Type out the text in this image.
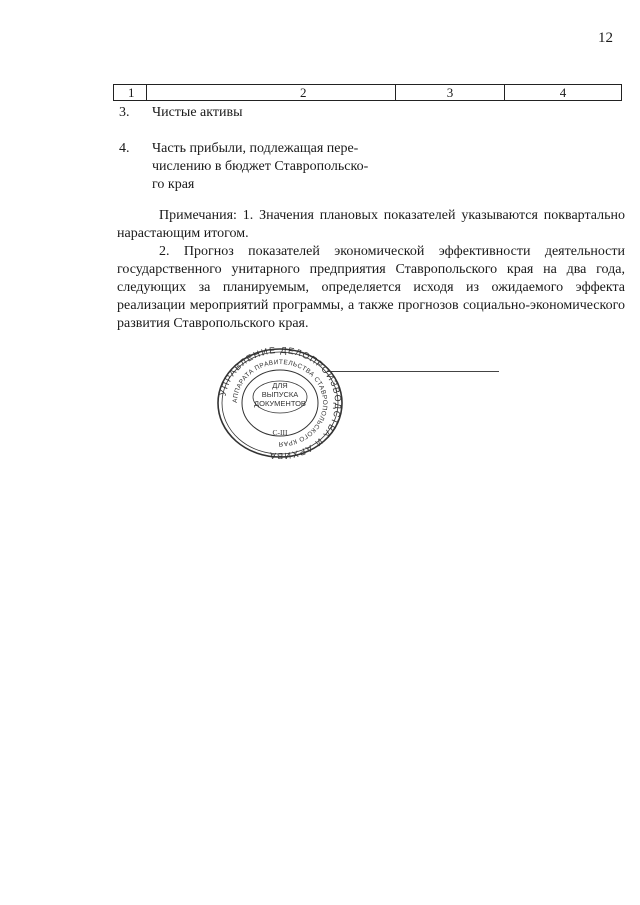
12
1	2	3	4
3.	Чистые активы
4.	Часть прибыли, подлежащая пере-
числению в бюджет Ставропольско-
го края

Примечания: 1. Значения плановых показателей указываются поквартально нарастающим итогом.

2. Прогноз показателей экономической эффективности деятельности государственного унитарного предприятия Ставропольского края на два года, следующих за планируемым, определяется исходя из ожидаемого эффекта реализации мероприятий программы, а также прогнозов социально-экономического развития Ставропольского края.

УПРАВЛЕНИЕ ДЕЛОПРОИЗВОДСТВА И АРХИВА
АППАРАТА ПРАВИТЕЛЬСТВА СТАВРОПОЛЬСКОГО КРАЯ
ДЛЯ
ВЫПУСКА
ДОКУМЕНТОВ
С-III
